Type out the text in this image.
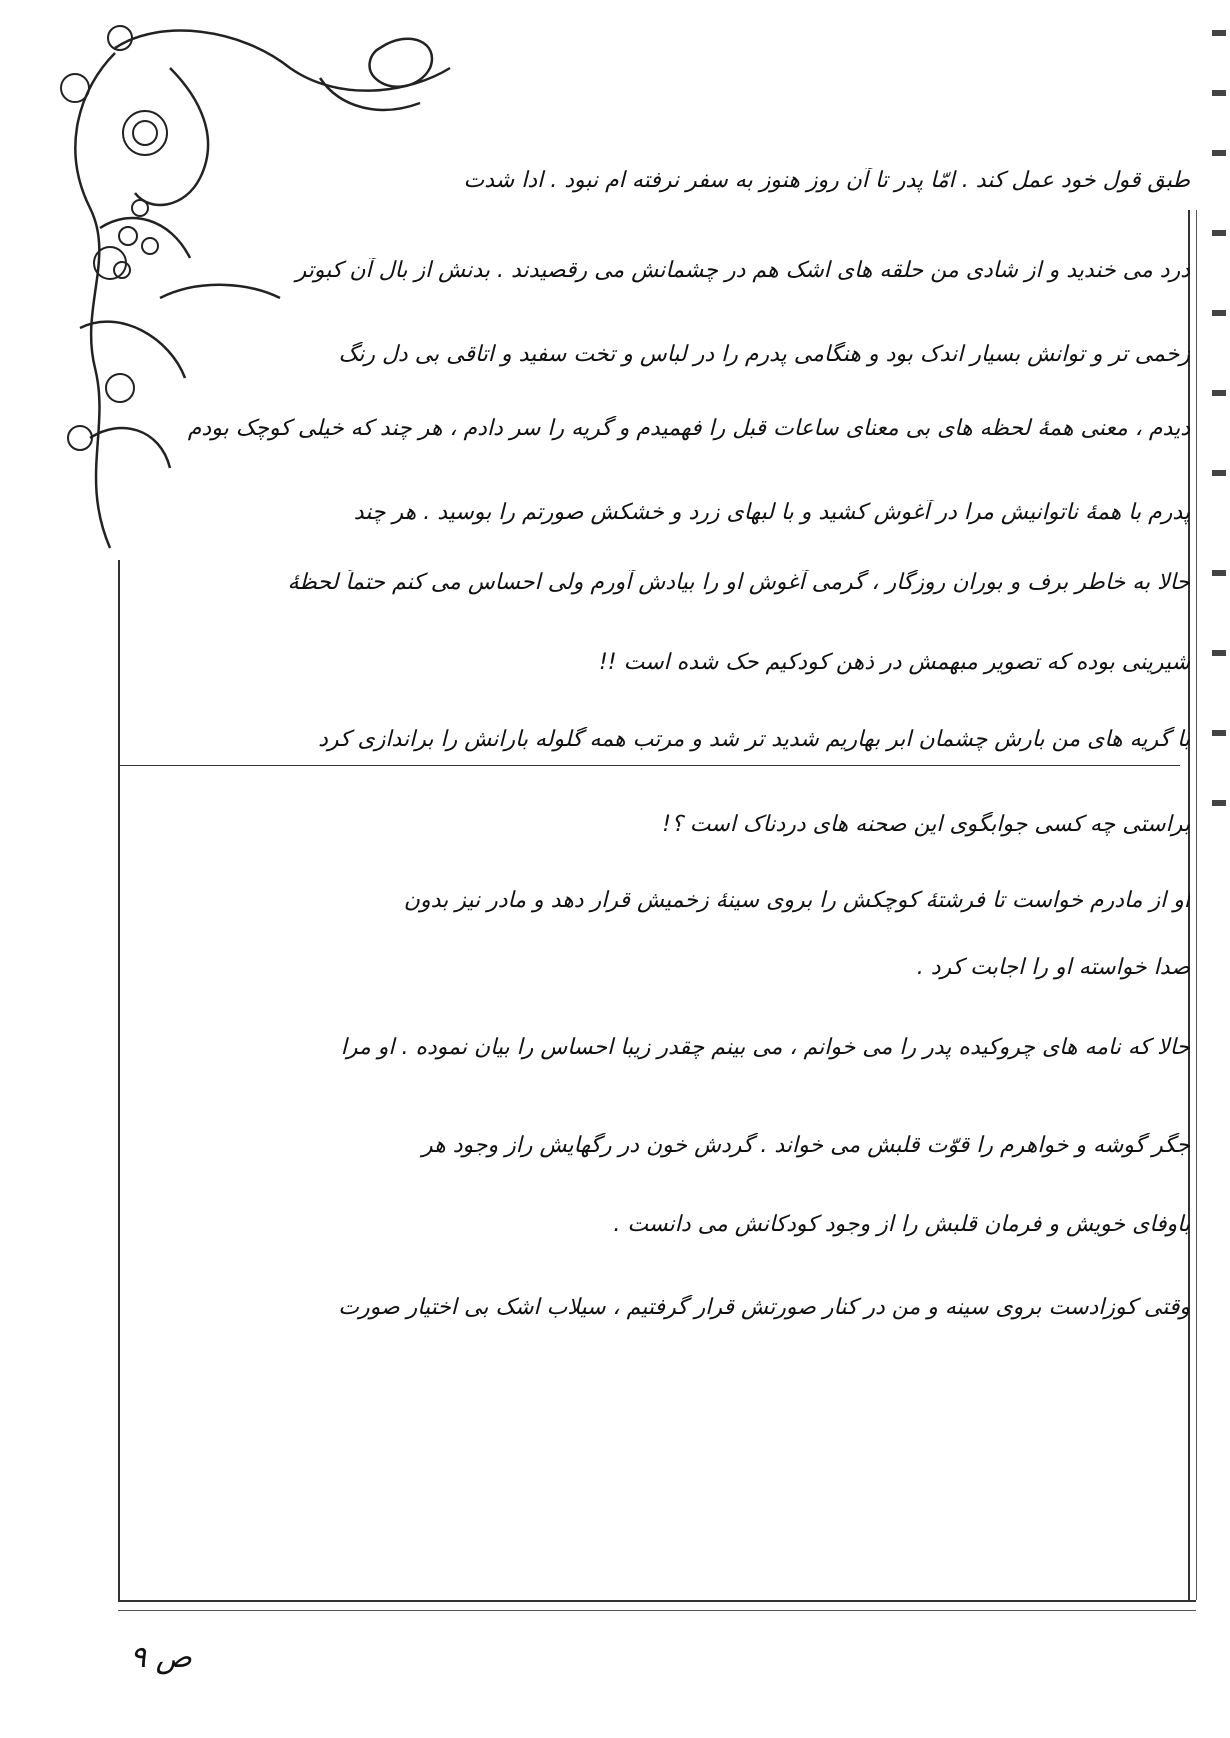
طبق قول خود عمل کند . امّا پدر تا آن روز هنوز به سفر نرفته ام نبود . ادا شدت
درد می خندید و از شادی من حلقه های اشک هم در چشمانش می رقصیدند . بدنش از بال آن کبوتر
زخمی تر و توانش بسیار اندک بود و هنگامی پدرم را در لباس و تخت سفید و اتاقی بی دل رنگ
دیدم ، معنی همهٔ لحظه های بی معنای ساعات قبل را فهمیدم و گریه را سر دادم ، هر چند که خیلی کوچک بودم
پدرم با همهٔ ناتوانیش مرا در آغوش کشید و با لبهای زرد و خشکش صورتم را بوسید . هر چند
حالا به خاطر برف و بوران روزگار ، گرمی آغوش او را بیادش آورم ولی احساس می کنم حتماً لحظهٔ
شیرینی بوده که تصویر مبهمش در ذهن کودکیم حک شده است !!
با گریه های من بارش چشمان ابر بهاریم شدید تر شد و مرتب همه گلوله بارانش را براندازی کرد
براستی چه کسی جوابگوی این صحنه های دردناک است ؟!
او از مادرم خواست تا فرشتهٔ کوچکش را بروی سینهٔ زخمیش قرار دهد و مادر نیز بدون
صدا خواسته او را اجابت کرد .
حالا که نامه های چروکیده پدر را می خوانم ، می بینم چقدر زیبا احساس را بیان نموده . او مرا
جگر گوشه و خواهرم را قوّت قلبش می خواند . گردش خون در رگهایش راز وجود هر
باوفای خویش و فرمان قلبش را از وجود کودکانش می دانست .
وقتی کوزادست بروی سینه و من در کنار صورتش قرار گرفتیم ، سیلاب اشک بی اختیار صورت
ص ۹
